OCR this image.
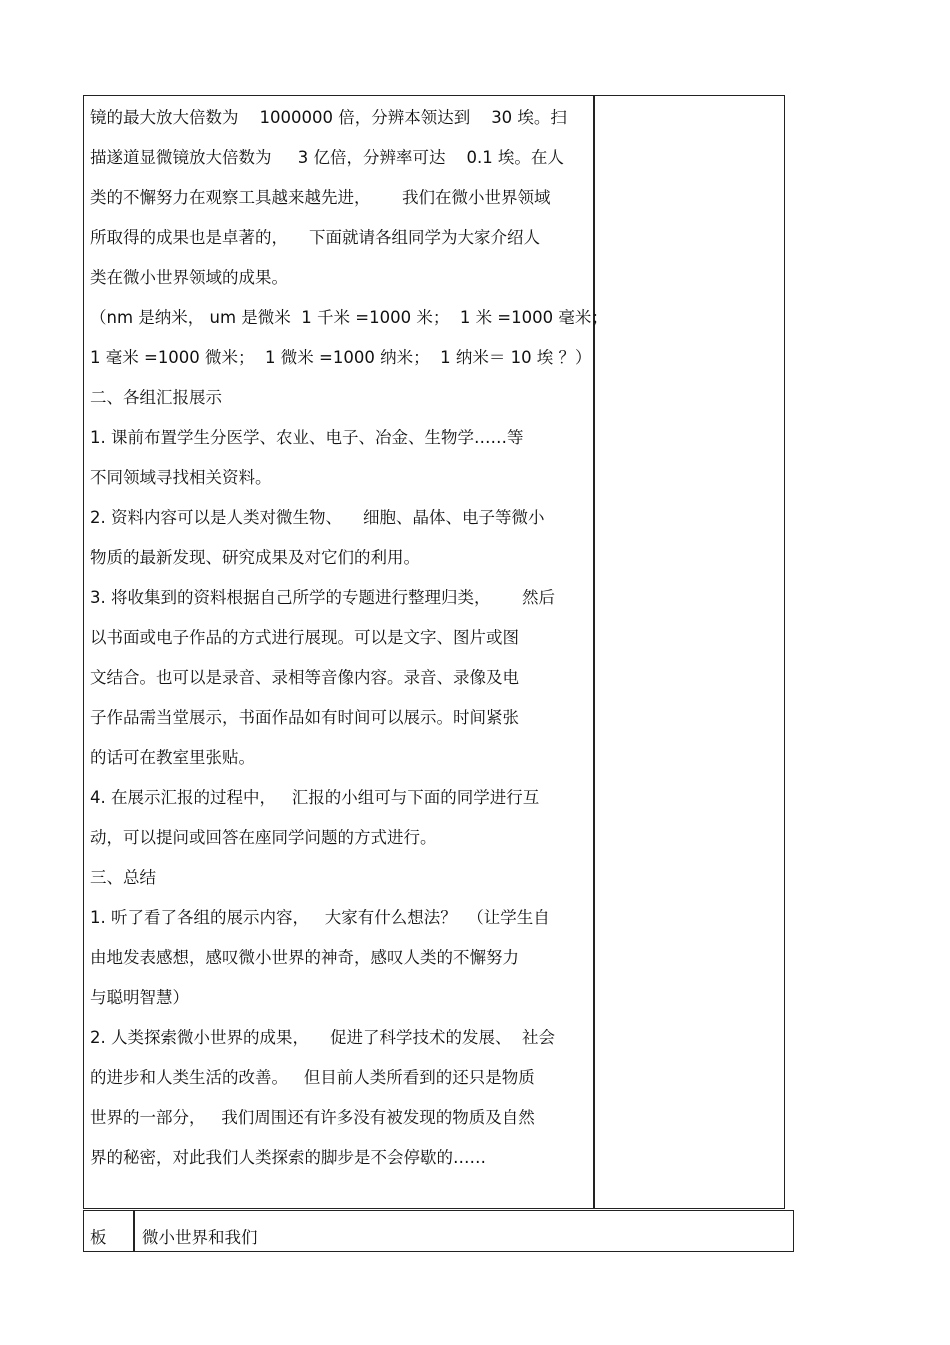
镜的最大放大倍数为    1000000 倍，分辨本领达到    30 埃。扫
描遂道显微镜放大倍数为     3 亿倍，分辨率可达    0.1 埃。在人
类的不懈努力在观察工具越来越先进，      我们在微小世界领域
所取得的成果也是卓著的，    下面就请各组同学为大家介绍人
类在微小世界领域的成果。
（nm 是纳米， um 是微米  1 千米 =1000 米；  1 米 =1000 毫米；
1 毫米 =1000 微米；  1 微米 =1000 纳米；  1 纳米＝ 10 埃 ？）
二、各组汇报展示
1. 课前布置学生分医学、农业、电子、冶金、生物学……等
不同领域寻找相关资料。
2. 资料内容可以是人类对微生物、    细胞、晶体、电子等微小
物质的最新发现、研究成果及对它们的利用。
3. 将收集到的资料根据自己所学的专题进行整理归类，      然后
以书面或电子作品的方式进行展现。可以是文字、图片或图
文结合。也可以是录音、录相等音像内容。录音、录像及电
子作品需当堂展示，书面作品如有时间可以展示。时间紧张
的话可在教室里张贴。
4. 在展示汇报的过程中，   汇报的小组可与下面的同学进行互
动，可以提问或回答在座同学问题的方式进行。
三、总结
1. 听了看了各组的展示内容，   大家有什么想法？  （让学生自
由地发表感想，感叹微小世界的神奇，感叹人类的不懈努力
与聪明智慧）
2. 人类探索微小世界的成果，    促进了科学技术的发展、  社会
的进步和人类生活的改善。   但目前人类所看到的还只是物质
世界的一部分，   我们周围还有许多没有被发现的物质及自然
界的秘密，对此我们人类探索的脚步是不会停歇的……
板 微小世界和我们
